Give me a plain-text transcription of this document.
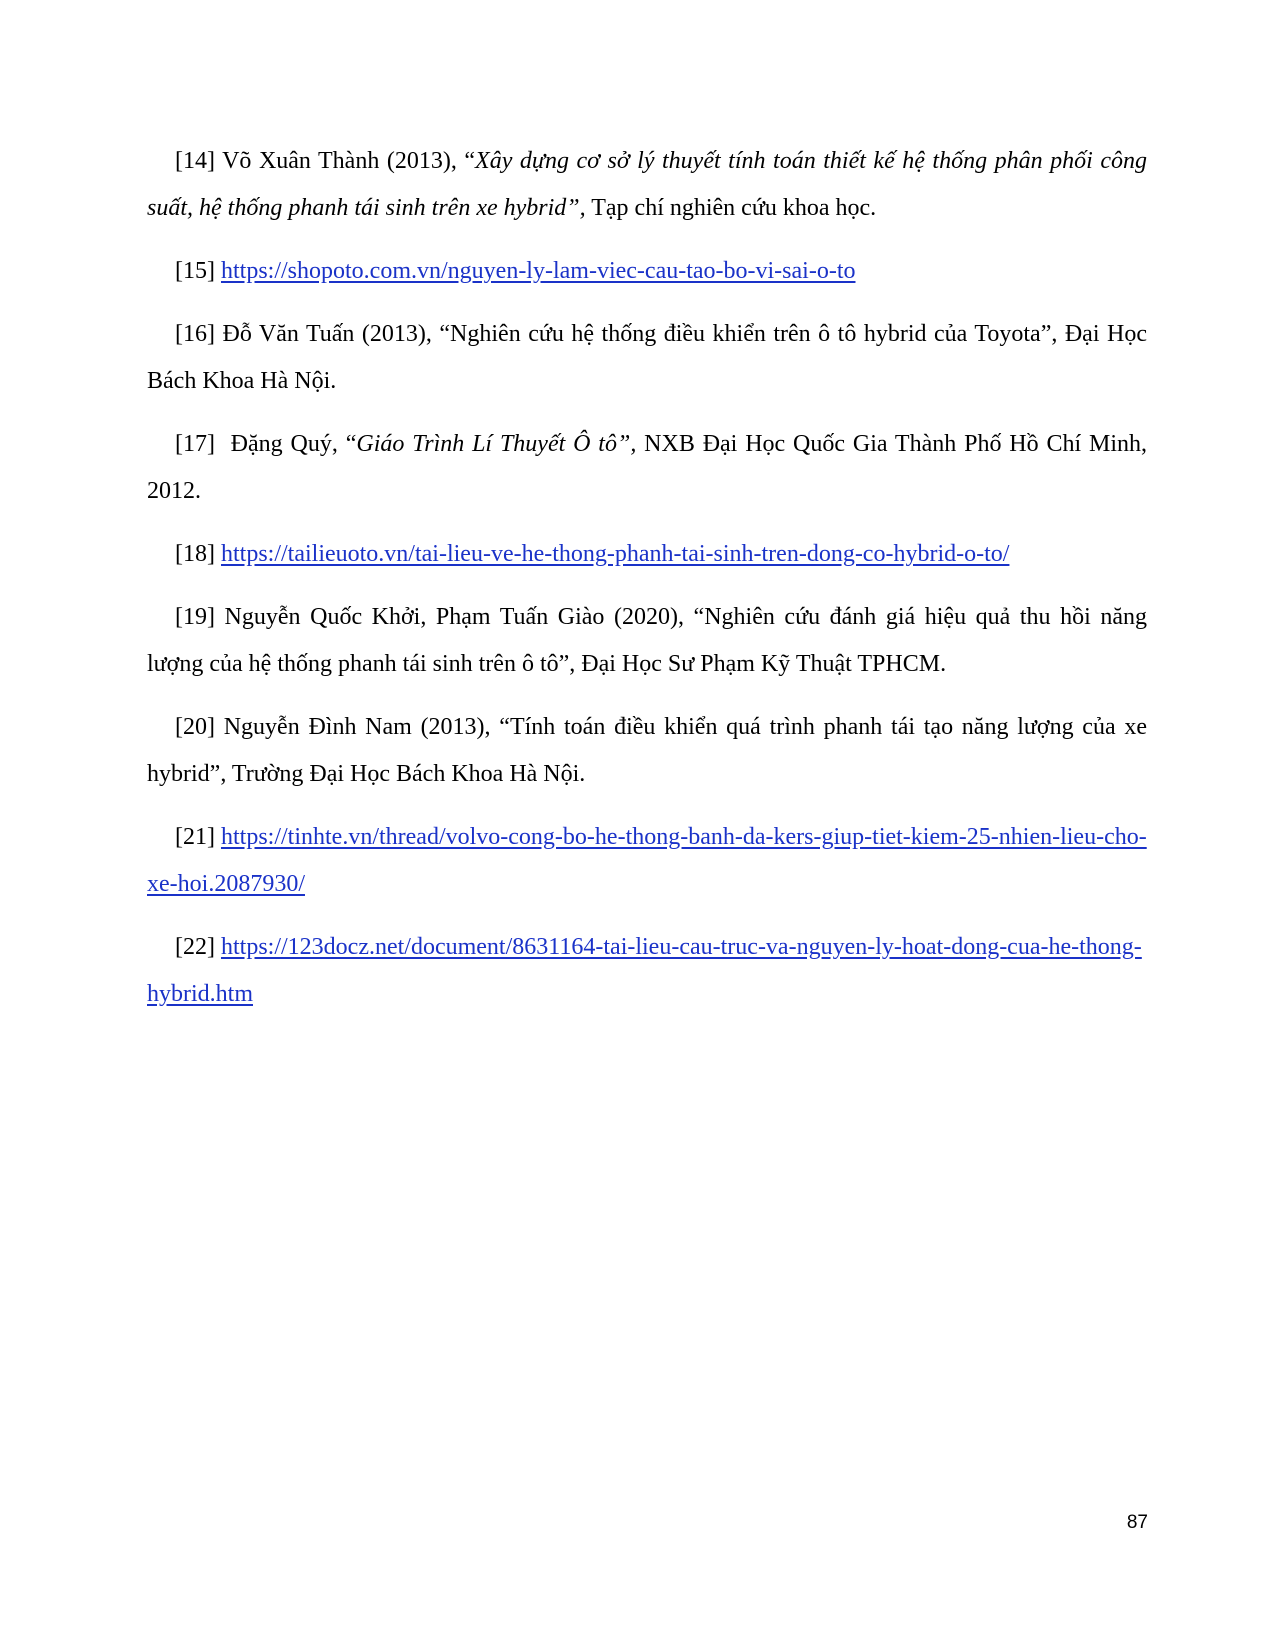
[14] Võ Xuân Thành (2013), “Xây dựng cơ sở lý thuyết tính toán thiết kế hệ thống phân phối công suất, hệ thống phanh tái sinh trên xe hybrid”, Tạp chí nghiên cứu khoa học.

[15] https://shopoto.com.vn/nguyen-ly-lam-viec-cau-tao-bo-vi-sai-o-to

[16] Đỗ Văn Tuấn (2013), “Nghiên cứu hệ thống điều khiển trên ô tô hybrid của Toyota”, Đại Học Bách Khoa Hà Nội.

[17]  Đặng Quý, “Giáo Trình Lí Thuyết Ô tô”, NXB Đại Học Quốc Gia Thành Phố Hồ Chí Minh, 2012.

[18] https://tailieuoto.vn/tai-lieu-ve-he-thong-phanh-tai-sinh-tren-dong-co-hybrid-o-to/

[19] Nguyễn Quốc Khởi, Phạm Tuấn Giào (2020), “Nghiên cứu đánh giá hiệu quả thu hồi năng lượng của hệ thống phanh tái sinh trên ô tô”, Đại Học Sư Phạm Kỹ Thuật TPHCM.

[20] Nguyễn Đình Nam (2013), “Tính toán điều khiển quá trình phanh tái tạo năng lượng của xe hybrid”, Trường Đại Học Bách Khoa Hà Nội.

[21] https://tinhte.vn/thread/volvo-cong-bo-he-thong-banh-da-kers-giup-tiet-kiem-25-nhien-lieu-cho-xe-hoi.2087930/

[22] https://123docz.net/document/8631164-tai-lieu-cau-truc-va-nguyen-ly-hoat-dong-cua-he-thong-hybrid.htm

87
